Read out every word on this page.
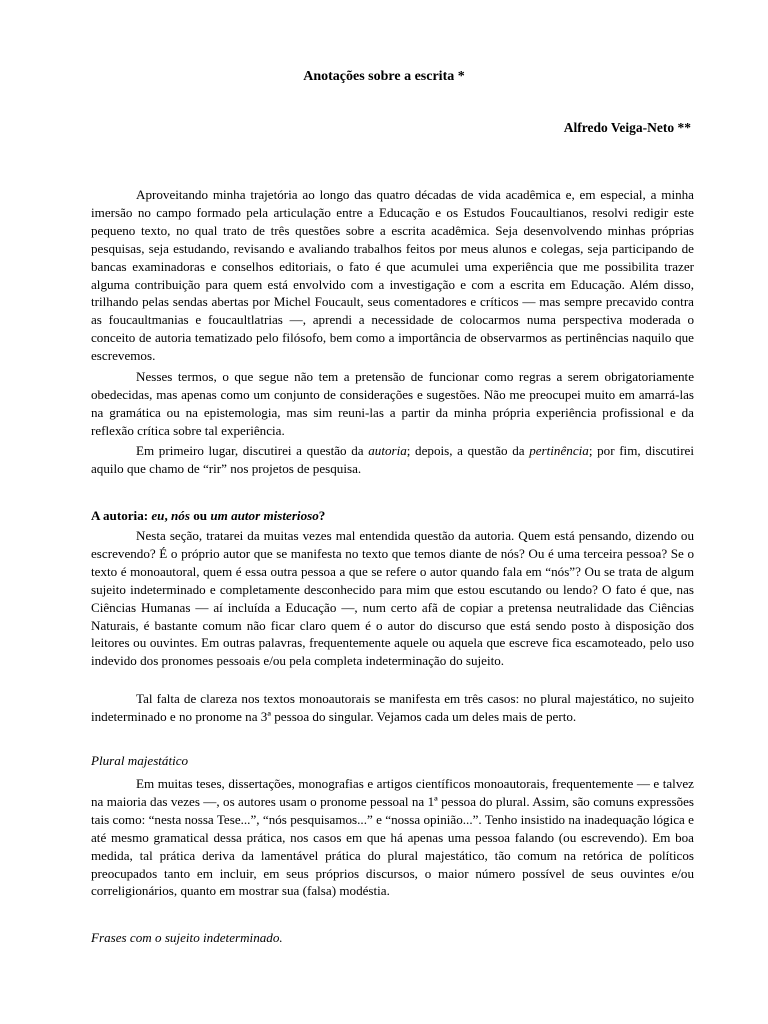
Anotações sobre a escrita *
Alfredo Veiga-Neto **

Aproveitando minha trajetória ao longo das quatro décadas de vida acadêmica e, em especial, a minha imersão no campo formado pela articulação entre a Educação e os Estudos Foucaultianos, resolvi redigir este pequeno texto, no qual trato de três questões sobre a escrita acadêmica. Seja desenvolvendo minhas próprias pesquisas, seja estudando, revisando e avaliando trabalhos feitos por meus alunos e colegas, seja participando de bancas examinadoras e conselhos editoriais, o fato é que acumulei uma experiência que me possibilita trazer alguma contribuição para quem está envolvido com a investigação e com a escrita em Educação. Além disso, trilhando pelas sendas abertas por Michel Foucault, seus comentadores e críticos — mas sempre precavido contra as foucaultmanias e foucaultlatrias —, aprendi a necessidade de colocarmos numa perspectiva moderada o conceito de autoria tematizado pelo filósofo, bem como a importância de observarmos as pertinências naquilo que escrevemos.

Nesses termos, o que segue não tem a pretensão de funcionar como regras a serem obrigatoriamente obedecidas, mas apenas como um conjunto de considerações e sugestões. Não me preocupei muito em amarrá-las na gramática ou na epistemologia, mas sim reuni-las a partir da minha própria experiência profissional e da reflexão crítica sobre tal experiência.

Em primeiro lugar, discutirei a questão da autoria; depois, a questão da pertinência; por fim, discutirei aquilo que chamo de “rir” nos projetos de pesquisa.

A autoria: eu, nós ou um autor misterioso?

Nesta seção, tratarei da muitas vezes mal entendida questão da autoria. Quem está pensando, dizendo ou escrevendo? É o próprio autor que se manifesta no texto que temos diante de nós? Ou é uma terceira pessoa? Se o texto é monoautoral, quem é essa outra pessoa a que se refere o autor quando fala em “nós”? Ou se trata de algum sujeito indeterminado e completamente desconhecido para mim que estou escutando ou lendo? O fato é que, nas Ciências Humanas — aí incluída a Educação —, num certo afã de copiar a pretensa neutralidade das Ciências Naturais, é bastante comum não ficar claro quem é o autor do discurso que está sendo posto à disposição dos leitores ou ouvintes. Em outras palavras, frequentemente aquele ou aquela que escreve fica escamoteado, pelo uso indevido dos pronomes pessoais e/ou pela completa indeterminação do sujeito.

Tal falta de clareza nos textos monoautorais se manifesta em três casos: no plural majestático, no sujeito indeterminado e no pronome na 3ª pessoa do singular. Vejamos cada um deles mais de perto.

Plural majestático

Em muitas teses, dissertações, monografias e artigos científicos monoautorais, frequentemente — e talvez na maioria das vezes —, os autores usam o pronome pessoal na 1ª pessoa do plural. Assim, são comuns expressões tais como: “nesta nossa Tese...”, “nós pesquisamos...” e “nossa opinião...”. Tenho insistido na inadequação lógica e até mesmo gramatical dessa prática, nos casos em que há apenas uma pessoa falando (ou escrevendo). Em boa medida, tal prática deriva da lamentável prática do plural majestático, tão comum na retórica de políticos preocupados tanto em incluir, em seus próprios discursos, o maior número possível de seus ouvintes e/ou correligionários, quanto em mostrar sua (falsa) modéstia.

Frases com o sujeito indeterminado.
